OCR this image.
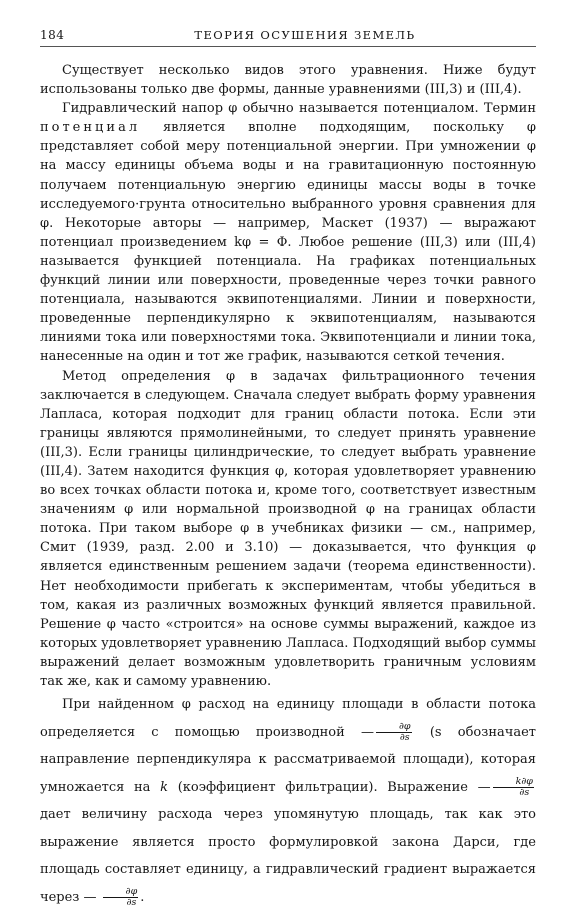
184	ТЕОРИЯ ОСУШЕНИЯ ЗЕМЕЛЬ

Существует несколько видов этого уравнения. Ниже будут использованы только две формы, данные уравнениями (III,3) и (III,4).

Гидравлический напор φ обычно называется потенциалом. Термин потенциал является вполне подходящим, поскольку φ представляет собой меру потенциальной энергии. При умножении φ на массу единицы объема воды и на гравитационную постоянную получаем потенциальную энергию единицы массы воды в точке исследуемого·грунта относительно выбранного уровня сравнения для φ. Некоторые авторы — например, Маскет (1937) — выражают потенциал произведением kφ = Φ. Любое решение (III,3) или (III,4) называется функцией потенциала. На графиках потенциальных функций линии или поверхности, проведенные через точки равного потенциала, называются эквипотенциалями. Линии и поверхности, проведенные перпендикулярно к эквипотенциалям, называются линиями тока или поверхностями тока. Эквипотенциали и линии тока, нанесенные на один и тот же график, называются сеткой течения.

Метод определения φ в задачах фильтрационного течения заключается в следующем. Сначала следует выбрать форму уравнения Лапласа, которая подходит для границ области потока. Если эти границы являются прямолинейными, то следует принять уравнение (III,3). Если границы цилиндрические, то следует выбрать уравнение (III,4). Затем находится функция φ, которая удовлетворяет уравнению во всех точках области потока и, кроме того, соответствует известным значениям φ или нормальной производной φ на границах области потока. При таком выборе φ в учебниках физики — см., например, Смит (1939, разд. 2.00 и 3.10) — доказывается, что функция φ является единственным решением задачи (теорема единственности). Нет необходимости прибегать к экспериментам, чтобы убедиться в том, какая из различных возможных функций является правильной. Решение φ часто «строится» на основе суммы выражений, каждое из которых удовлетворяет уравнению Лапласа. Подходящий выбор суммы выражений делает возможным удовлетворить граничным условиям так же, как и самому уравнению.

При найденном φ расход на единицу площади в области потока определяется с помощью производной — $\frac{\partial\varphi}{\partial s} (s$ обозначает направление перпендикуляра к рассматриваемой площади), которая умножается на k (коэффициент фильтрации). Выражение — $\frac{k\partial\varphi}{\partial s}$
дает величину расхода через упомянутую площадь, так как это выражение является просто формулировкой закона Дарси, где площадь составляет единицу, а гидравлический градиент выражается через — $\frac{\partial\varphi}{\partial s}$ .
